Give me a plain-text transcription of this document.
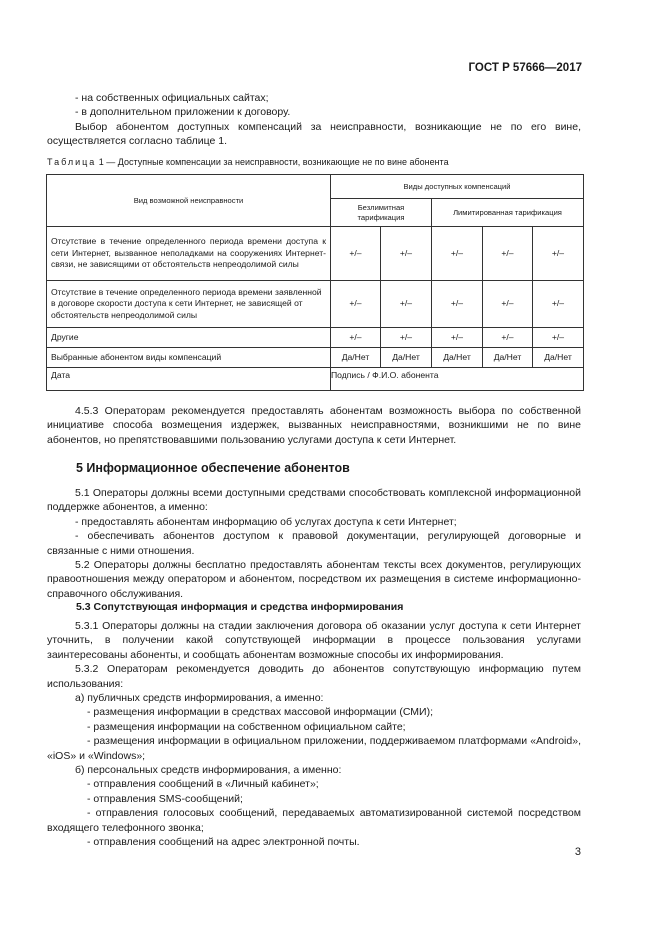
ГОСТ Р 57666—2017

- на собственных официальных сайтах;

- в дополнительном приложении к договору.

Выбор абонентом доступных компенсаций за неисправности, возникающие не по его вине, осуществляется согласно таблице 1.

Таблица 1 — Доступные компенсации за неисправности, возникающие не по вине абонента
Вид возможной неисправности	Виды доступных компенсаций				
	Безлимитная тарификация		Лимитированная тарификация		
Отсутствие в течение определенного периода времени доступа к сети Интернет, вызванное неполадками на сооружениях Интернет-связи, не зависящими от обстоятельств непреодолимой силы	+/–	+/–	+/–	+/–	+/–
Отсутствие в течение определенного периода времени заявленной в договоре скорости доступа к сети Интернет, не зависящей от обстоятельств непреодолимой силы	+/–	+/–	+/–	+/–	+/–
Другие	+/–	+/–	+/–	+/–	+/–
Выбранные абонентом виды компенсаций	Да/Нет	Да/Нет	Да/Нет	Да/Нет	Да/Нет
Дата	Подпись / Ф.И.О. абонента				

4.5.3 Операторам рекомендуется предоставлять абонентам возможность выбора по собственной инициативе способа возмещения издержек, вызванных неисправностями, возникшими не по вине абонентов, но препятствовавшими пользованию услугами доступа к сети Интернет.

5 Информационное обеспечение абонентов

5.1 Операторы должны всеми доступными средствами способствовать комплексной информационной поддержке абонентов, а именно:

- предоставлять абонентам информацию об услугах доступа к сети Интернет;

- обеспечивать абонентов доступом к правовой документации, регулирующей договорные и связанные с ними отношения.

5.2 Операторы должны бесплатно предоставлять абонентам тексты всех документов, регулирующих правоотношения между оператором и абонентом, посредством их размещения в системе информационно-справочного обслуживания.

5.3 Сопутствующая информация и средства информирования

5.3.1 Операторы должны на стадии заключения договора об оказании услуг доступа к сети Интернет уточнить, в получении какой сопутствующей информации в процессе пользования услугами заинтересованы абоненты, и сообщать абонентам возможные способы их информирования.

5.3.2 Операторам рекомендуется доводить до абонентов сопутствующую информацию путем использования:

а) публичных средств информирования, а именно:

- размещения информации в средствах массовой информации (СМИ);

- размещения информации на собственном официальном сайте;

- размещения информации в официальном приложении, поддерживаемом платформами «Android», «iOS» и «Windows»;

б) персональных средств информирования, а именно:

- отправления сообщений в «Личный кабинет»;

- отправления SMS-сообщений;

- отправления голосовых сообщений, передаваемых автоматизированной системой посредством входящего телефонного звонка;

- отправления сообщений на адрес электронной почты.

3
